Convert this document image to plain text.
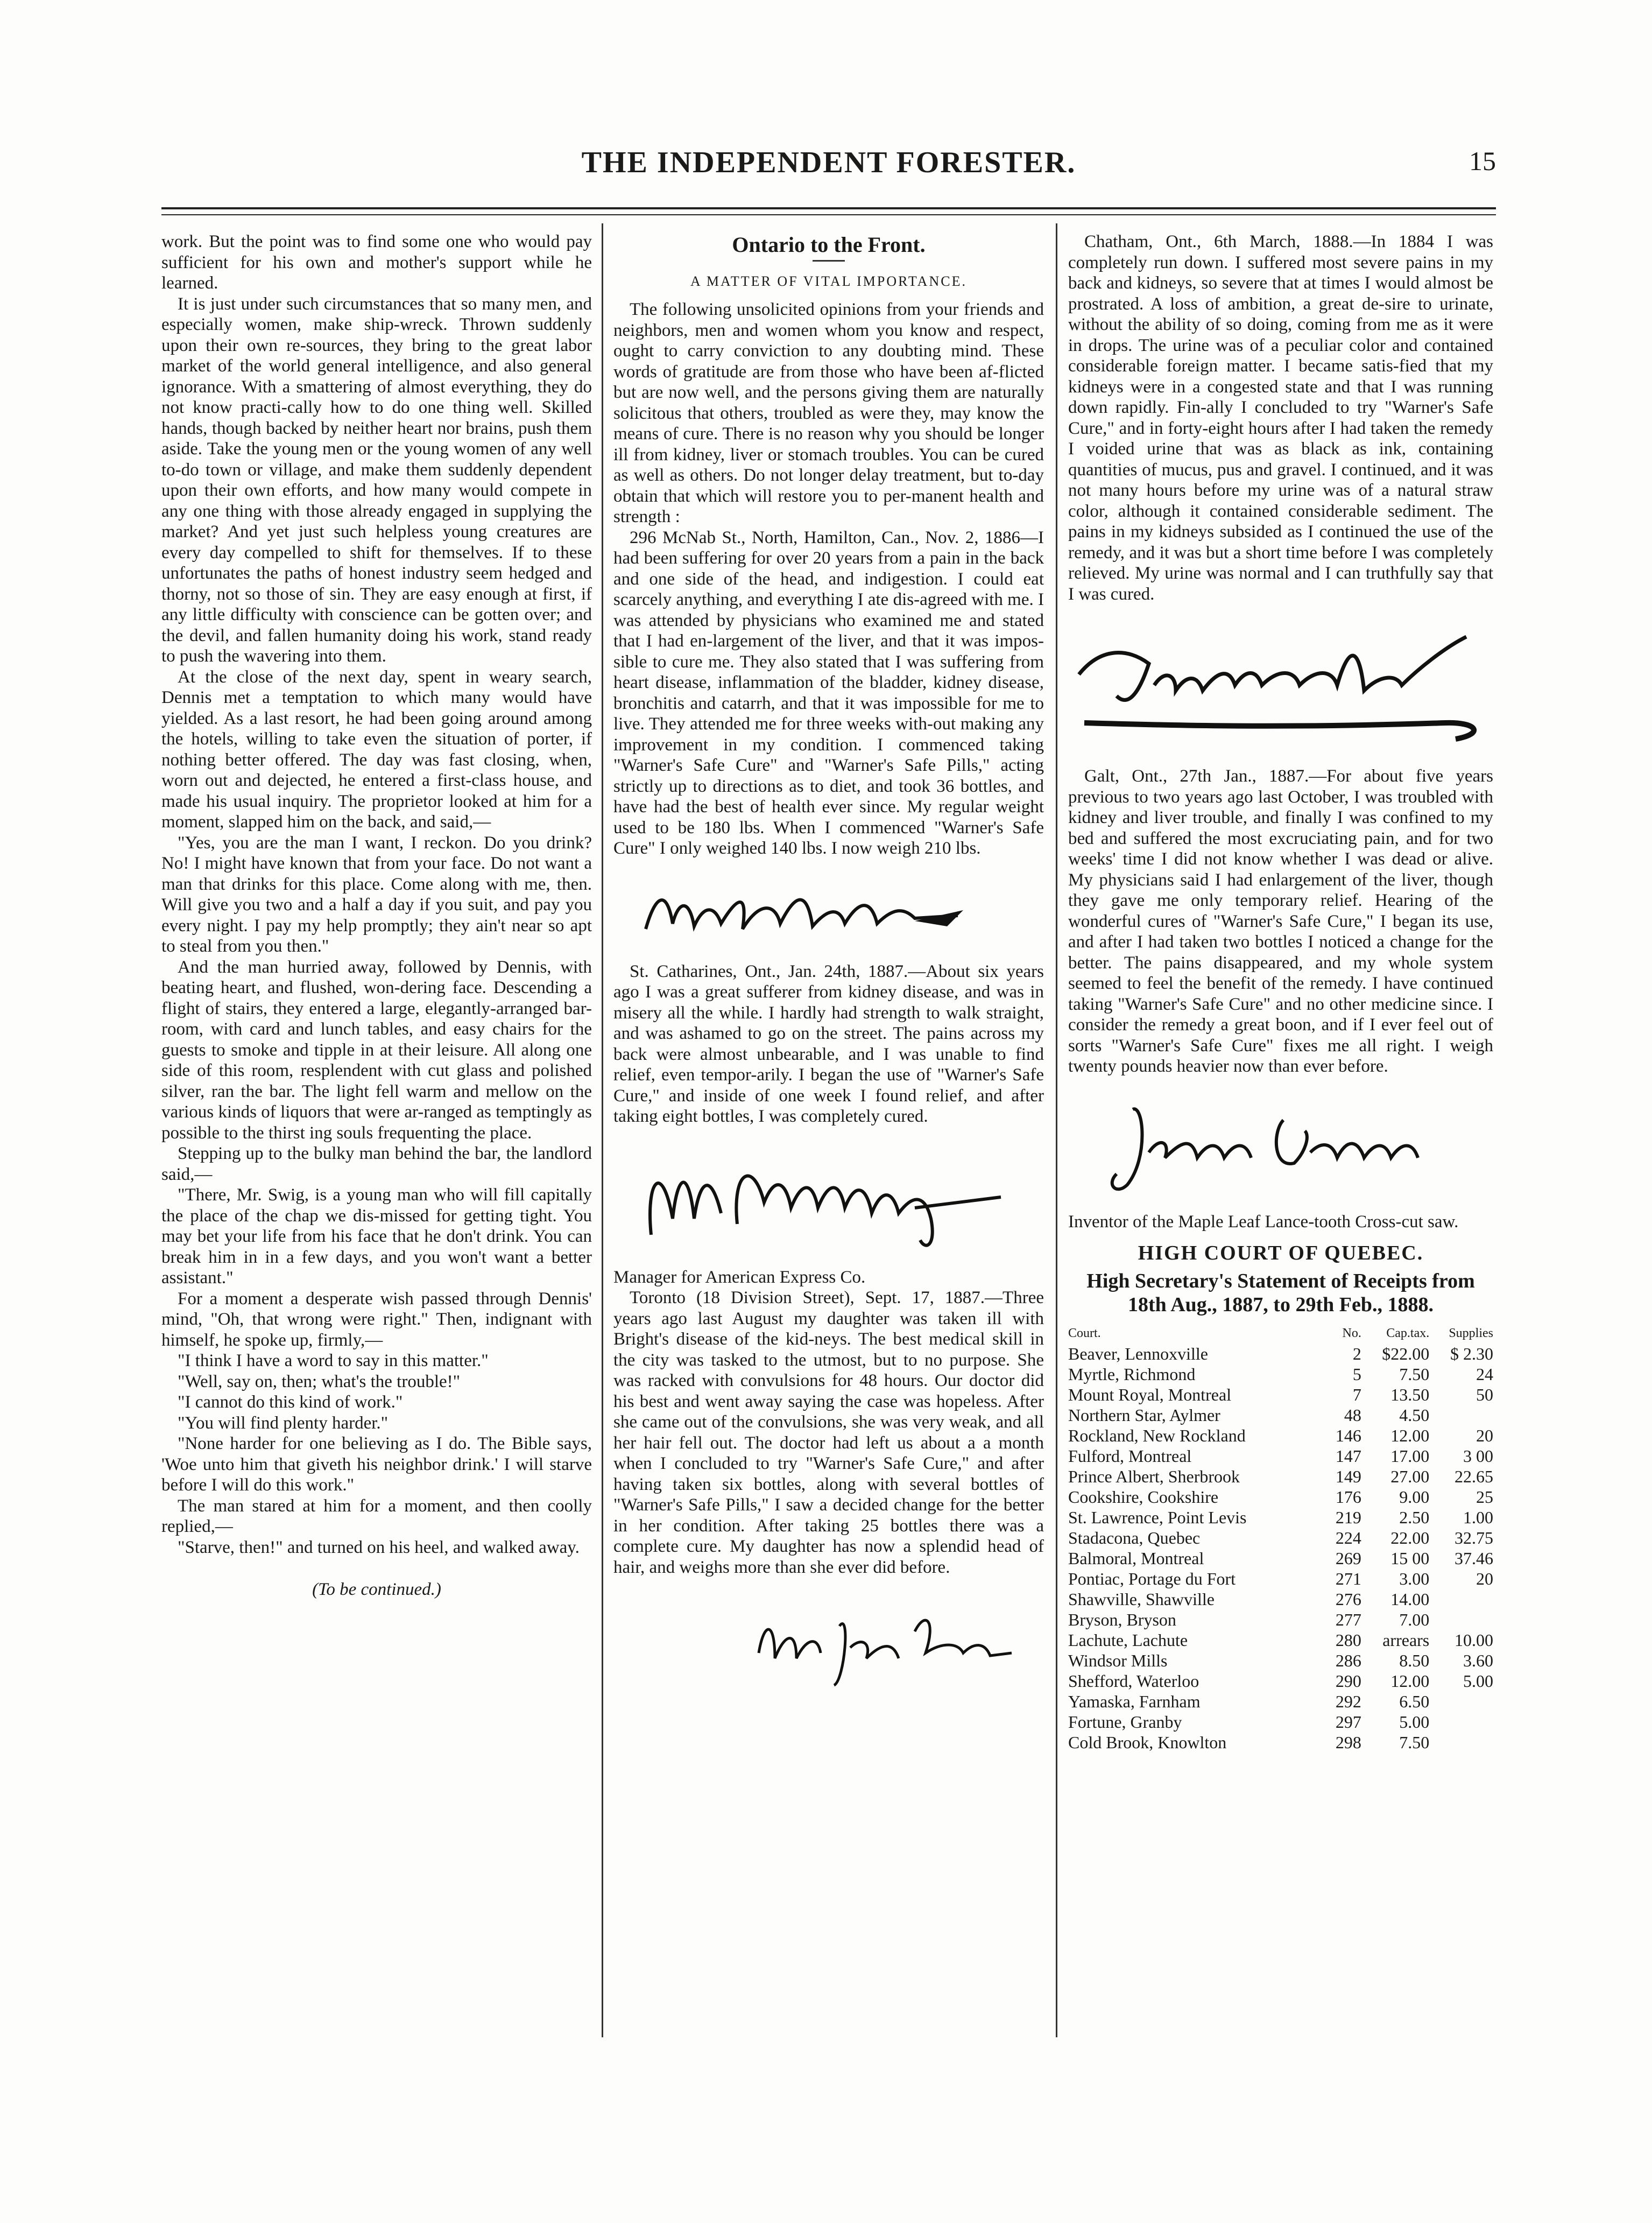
THE INDEPENDENT FORESTER.	15

work. But the point was to find some one who would pay sufficient for his own and mother's support while he learned.

It is just under such circumstances that so many men, and especially women, make ship-wreck. Thrown suddenly upon their own re-sources, they bring to the great labor market of the world general intelligence, and also general ignorance. With a smattering of almost everything, they do not know practi-cally how to do one thing well. Skilled hands, though backed by neither heart nor brains, push them aside. Take the young men or the young women of any well to-do town or village, and make them suddenly dependent upon their own efforts, and how many would compete in any one thing with those already engaged in supplying the market? And yet just such helpless young creatures are every day compelled to shift for themselves. If to these unfortunates the paths of honest industry seem hedged and thorny, not so those of sin. They are easy enough at first, if any little difficulty with conscience can be gotten over; and the devil, and fallen humanity doing his work, stand ready to push the wavering into them.

At the close of the next day, spent in weary search, Dennis met a temptation to which many would have yielded. As a last resort, he had been going around among the hotels, willing to take even the situation of porter, if nothing better offered. The day was fast closing, when, worn out and dejected, he entered a first-class house, and made his usual inquiry. The proprietor looked at him for a moment, slapped him on the back, and said,—

"Yes, you are the man I want, I reckon. Do you drink? No! I might have known that from your face. Do not want a man that drinks for this place. Come along with me, then. Will give you two and a half a day if you suit, and pay you every night. I pay my help promptly; they ain't near so apt to steal from you then."

And the man hurried away, followed by Dennis, with beating heart, and flushed, won-dering face. Descending a flight of stairs, they entered a large, elegantly-arranged bar-room, with card and lunch tables, and easy chairs for the guests to smoke and tipple in at their leisure. All along one side of this room, resplendent with cut glass and polished silver, ran the bar. The light fell warm and mellow on the various kinds of liquors that were ar-ranged as temptingly as possible to the thirst ing souls frequenting the place.

Stepping up to the bulky man behind the bar, the landlord said,—

"There, Mr. Swig, is a young man who will fill capitally the place of the chap we dis-missed for getting tight. You may bet your life from his face that he don't drink. You can break him in in a few days, and you won't want a better assistant."

For a moment a desperate wish passed through Dennis' mind, "Oh, that wrong were right." Then, indignant with himself, he spoke up, firmly,—

"I think I have a word to say in this matter."

"Well, say on, then; what's the trouble!"

"I cannot do this kind of work."

"You will find plenty harder."

"None harder for one believing as I do. The Bible says, 'Woe unto him that giveth his neighbor drink.' I will starve before I will do this work."

The man stared at him for a moment, and then coolly replied,—

"Starve, then!" and turned on his heel, and walked away.

(To be continued.)
Ontario to the Front.
A MATTER OF VITAL IMPORTANCE.

The following unsolicited opinions from your friends and neighbors, men and women whom you know and respect, ought to carry conviction to any doubting mind. These words of gratitude are from those who have been af-flicted but are now well, and the persons giving them are naturally solicitous that others, troubled as were they, may know the means of cure. There is no reason why you should be longer ill from kidney, liver or stomach troubles. You can be cured as well as others. Do not longer delay treatment, but to-day obtain that which will restore you to per-manent health and strength :

296 McNab St., North, Hamilton, Can., Nov. 2, 1886—I had been suffering for over 20 years from a pain in the back and one side of the head, and indigestion. I could eat scarcely anything, and everything I ate dis-agreed with me. I was attended by physicians who examined me and stated that I had en-largement of the liver, and that it was impos-sible to cure me. They also stated that I was suffering from heart disease, inflammation of the bladder, kidney disease, bronchitis and catarrh, and that it was impossible for me to live. They attended me for three weeks with-out making any improvement in my condition. I commenced taking "Warner's Safe Cure" and "Warner's Safe Pills," acting strictly up to directions as to diet, and took 36 bottles, and have had the best of health ever since. My regular weight used to be 180 lbs. When I commenced "Warner's Safe Cure" I only weighed 140 lbs. I now weigh 210 lbs.

St. Catharines, Ont., Jan. 24th, 1887.—About six years ago I was a great sufferer from kidney disease, and was in misery all the while. I hardly had strength to walk straight, and was ashamed to go on the street. The pains across my back were almost unbearable, and I was unable to find relief, even tempor-arily. I began the use of "Warner's Safe Cure," and inside of one week I found relief, and after taking eight bottles, I was completely cured.

Manager for American Express Co.

Toronto (18 Division Street), Sept. 17, 1887.—Three years ago last August my daughter was taken ill with Bright's disease of the kid-neys. The best medical skill in the city was tasked to the utmost, but to no purpose. She was racked with convulsions for 48 hours. Our doctor did his best and went away saying the case was hopeless. After she came out of the convulsions, she was very weak, and all her hair fell out. The doctor had left us about a a month when I concluded to try "Warner's Safe Cure," and after having taken six bottles, along with several bottles of "Warner's Safe Pills," I saw a decided change for the better in her condition. After taking 25 bottles there was a complete cure. My daughter has now a splendid head of hair, and weighs more than she ever did before.

Chatham, Ont., 6th March, 1888.—In 1884 I was completely run down. I suffered most severe pains in my back and kidneys, so severe that at times I would almost be prostrated. A loss of ambition, a great de-sire to urinate, without the ability of so doing, coming from me as it were in drops. The urine was of a peculiar color and contained considerable foreign matter. I became satis-fied that my kidneys were in a congested state and that I was running down rapidly. Fin-ally I concluded to try "Warner's Safe Cure," and in forty-eight hours after I had taken the remedy I voided urine that was as black as ink, containing quantities of mucus, pus and gravel. I continued, and it was not many hours before my urine was of a natural straw color, although it contained considerable sediment. The pains in my kidneys subsided as I continued the use of the remedy, and it was but a short time before I was completely relieved. My urine was normal and I can truthfully say that I was cured.

Galt, Ont., 27th Jan., 1887.—For about five years previous to two years ago last October, I was troubled with kidney and liver trouble, and finally I was confined to my bed and suffered the most excruciating pain, and for two weeks' time I did not know whether I was dead or alive. My physicians said I had enlargement of the liver, though they gave me only temporary relief. Hearing of the wonderful cures of "Warner's Safe Cure," I began its use, and after I had taken two bottles I noticed a change for the better. The pains disappeared, and my whole system seemed to feel the benefit of the remedy. I have continued taking "Warner's Safe Cure" and no other medicine since. I consider the remedy a great boon, and if I ever feel out of sorts "Warner's Safe Cure" fixes me all right. I weigh twenty pounds heavier now than ever before.

Inventor of the Maple Leaf Lance-tooth Cross-cut saw.

HIGH COURT OF QUEBEC.
High Secretary's Statement of Receipts from 18th Aug., 1887, to 29th Feb., 1888.
Court.	No.	Cap.tax.	Supplies
Beaver, Lennoxville	2	$22.00	$ 2.30
Myrtle, Richmond	5	7.50	24
Mount Royal, Montreal	7	13.50	50
Northern Star, Aylmer	48	4.50	
Rockland, New Rockland	146	12.00	20
Fulford, Montreal	147	17.00	3 00
Prince Albert, Sherbrook	149	27.00	22.65
Cookshire, Cookshire	176	9.00	25
St. Lawrence, Point Levis	219	2.50	1.00
Stadacona, Quebec	224	22.00	32.75
Balmoral, Montreal	269	15 00	37.46
Pontiac, Portage du Fort	271	3.00	20
Shawville, Shawville	276	14.00	
Bryson, Bryson	277	7.00	
Lachute, Lachute	280	arrears	10.00
Windsor Mills	286	8.50	3.60
Shefford, Waterloo	290	12.00	5.00
Yamaska, Farnham	292	6.50	
Fortune, Granby	297	5.00	
Cold Brook, Knowlton	298	7.50	
